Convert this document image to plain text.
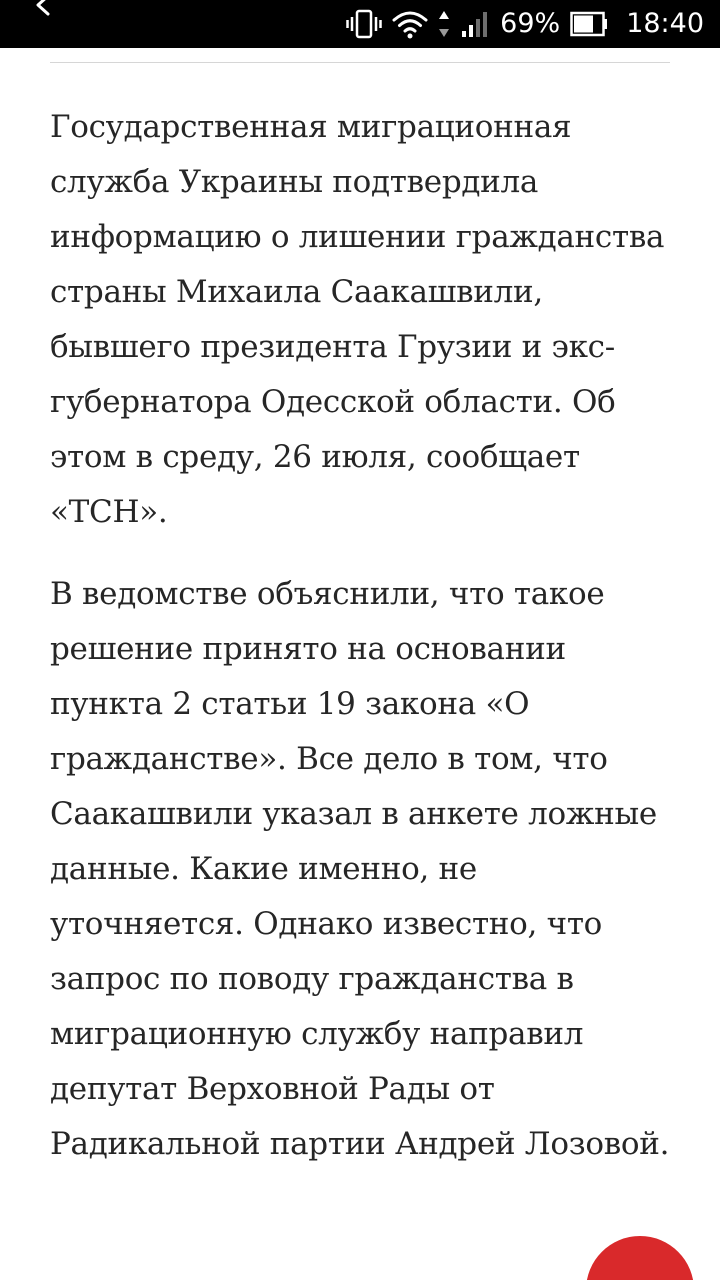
69% 18:40

Государственная миграционная служба Украины подтвердила информацию о лишении гражданства страны Михаила Саакашвили, бывшего президента Грузии и экс-губернатора Одесской области. Об этом в среду, 26 июля, сообщает «ТСН».

В ведомстве объяснили, что такое решение принято на основании пункта 2 статьи 19 закона «О гражданстве». Все дело в том, что Саакашвили указал в анкете ложные данные. Какие именно, не уточняется. Однако известно, что запрос по поводу гражданства в миграционную службу направил депутат Верховной Рады от Радикальной партии Андрей Лозовой.
